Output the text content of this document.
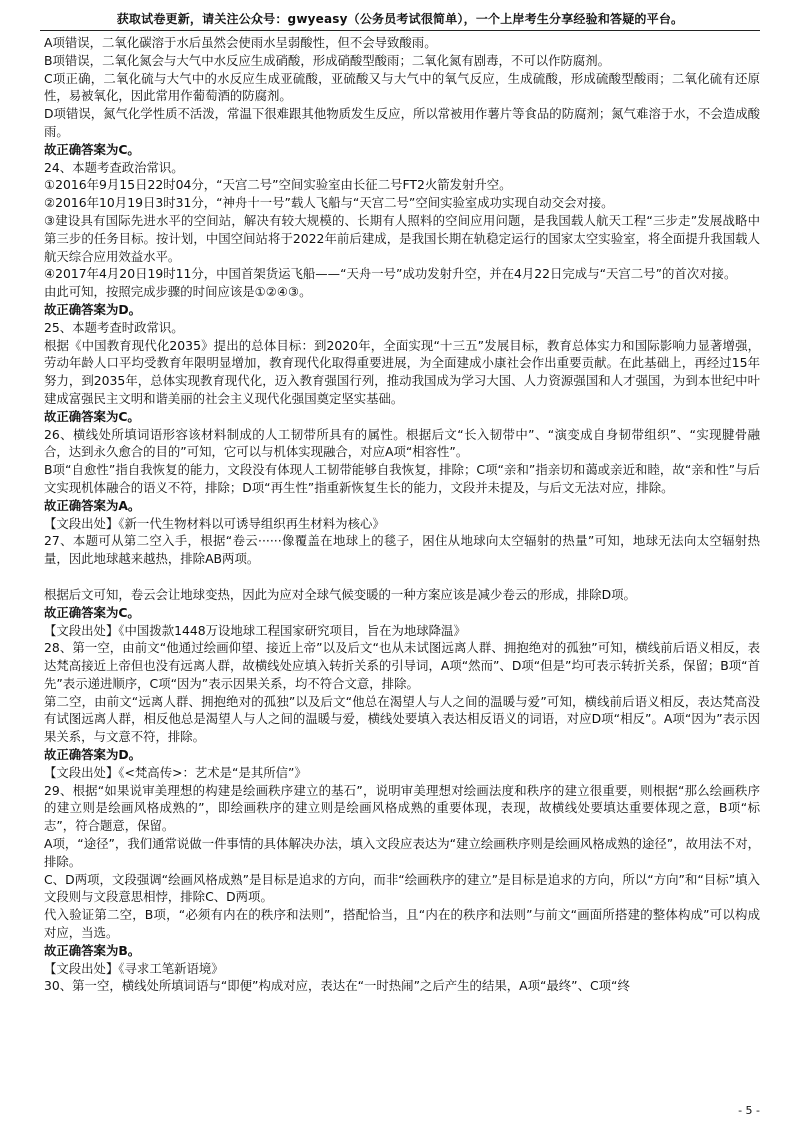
获取试卷更新，请关注公众号：gwyeasy（公务员考试很简单），一个上岸考生分享经验和答疑的平台。

A项错误，二氧化碳溶于水后虽然会使雨水呈弱酸性，但不会导致酸雨。

B项错误，二氧化氮会与大气中水反应生成硝酸，形成硝酸型酸雨；二氧化氮有剧毒，不可以作防腐剂。

C项正确，二氧化硫与大气中的水反应生成亚硫酸，亚硫酸又与大气中的氧气反应，生成硫酸，形成硫酸型酸雨；二氧化硫有还原性，易被氧化，因此常用作葡萄酒的防腐剂。

D项错误，氮气化学性质不活泼，常温下很难跟其他物质发生反应，所以常被用作薯片等食品的防腐剂；氮气难溶于水，不会造成酸雨。

故正确答案为C。

24、本题考查政治常识。

①2016年9月15日22时04分，“天宫二号”空间实验室由长征二号FT2火箭发射升空。

②2016年10月19日3时31分，“神舟十一号”载人飞船与“天宫二号”空间实验室成功实现自动交会对接。

③建设具有国际先进水平的空间站，解决有较大规模的、长期有人照料的空间应用问题，是我国载人航天工程“三步走”发展战略中第三步的任务目标。按计划，中国空间站将于2022年前后建成，是我国长期在轨稳定运行的国家太空实验室，将全面提升我国载人航天综合应用效益水平。

④2017年4月20日19时11分，中国首架货运飞船——“天舟一号”成功发射升空，并在4月22日完成与“天宫二号”的首次对接。

由此可知，按照完成步骤的时间应该是①②④③。

故正确答案为D。

25、本题考查时政常识。

根据《中国教育现代化2035》提出的总体目标：到2020年，全面实现“十三五”发展目标，教育总体实力和国际影响力显著增强，劳动年龄人口平均受教育年限明显增加，教育现代化取得重要进展，为全面建成小康社会作出重要贡献。在此基础上，再经过15年努力，到2035年，总体实现教育现代化，迈入教育强国行列，推动我国成为学习大国、人力资源强国和人才强国，为到本世纪中叶建成富强民主文明和谐美丽的社会主义现代化强国奠定坚实基础。

故正确答案为C。

26、横线处所填词语形容该材料制成的人工韧带所具有的属性。根据后文“长入韧带中”、“演变成自身韧带组织”、“实现腱骨融合，达到永久愈合的目的”可知，它可以与机体实现融合，对应A项“相容性”。

B项“自愈性”指自我恢复的能力，文段没有体现人工韧带能够自我恢复，排除；C项“亲和”指亲切和蔼或亲近和睦，故“亲和性”与后文实现机体融合的语义不符，排除；D项“再生性”指重新恢复生长的能力，文段并未提及，与后文无法对应，排除。

故正确答案为A。

【文段出处】《新一代生物材料以可诱导组织再生材料为核心》

27、本题可从第二空入手，根据“卷云······像覆盖在地球上的毯子，困住从地球向太空辐射的热量”可知，地球无法向太空辐射热量，因此地球越来越热，排除AB两项。

根据后文可知，卷云会让地球变热，因此为应对全球气候变暖的一种方案应该是减少卷云的形成，排除D项。

故正确答案为C。

【文段出处】《中国拨款1448万设地球工程国家研究项目，旨在为地球降温》

28、第一空，由前文“他通过绘画仰望、接近上帝”以及后文“也从未试图远离人群、拥抱绝对的孤独”可知，横线前后语义相反，表达梵高接近上帝但也没有远离人群，故横线处应填入转折关系的引导词，A项“然而”、D项“但是”均可表示转折关系，保留；B项“首先”表示递进顺序，C项“因为”表示因果关系，均不符合文意，排除。

第二空，由前文“远离人群、拥抱绝对的孤独”以及后文“他总在渴望人与人之间的温暖与爱”可知，横线前后语义相反，表达梵高没有试图远离人群，相反他总是渴望人与人之间的温暖与爱，横线处要填入表达相反语义的词语，对应D项“相反”。A项“因为”表示因果关系，与文意不符，排除。

故正确答案为D。

【文段出处】《<梵高传>：艺术是“是其所信”》

29、根据“如果说审美理想的构建是绘画秩序建立的基石”，说明审美理想对绘画法度和秩序的建立很重要，则根据“那么绘画秩序的建立则是绘画风格成熟的”，即绘画秩序的建立则是绘画风格成熟的重要体现，表现，故横线处要填达重要体现之意，B项“标志”，符合题意，保留。

A项，“途径”，我们通常说做一件事情的具体解决办法，填入文段应表达为“建立绘画秩序则是绘画风格成熟的途径”，故用法不对，排除。

C、D两项，文段强调“绘画风格成熟”是目标是追求的方向，而非“绘画秩序的建立”是目标是追求的方向，所以“方向”和“目标”填入文段则与文段意思相悖，排除C、D两项。

代入验证第二空，B项，“必须有内在的秩序和法则”，搭配恰当，且“内在的秩序和法则”与前文“画面所搭建的整体构成”可以构成对应，当选。

故正确答案为B。

【文段出处】《寻求工笔新语境》

30、第一空，横线处所填词语与“即便”构成对应，表达在“一时热闹”之后产生的结果，A项“最终”、C项“终

- 5 -
